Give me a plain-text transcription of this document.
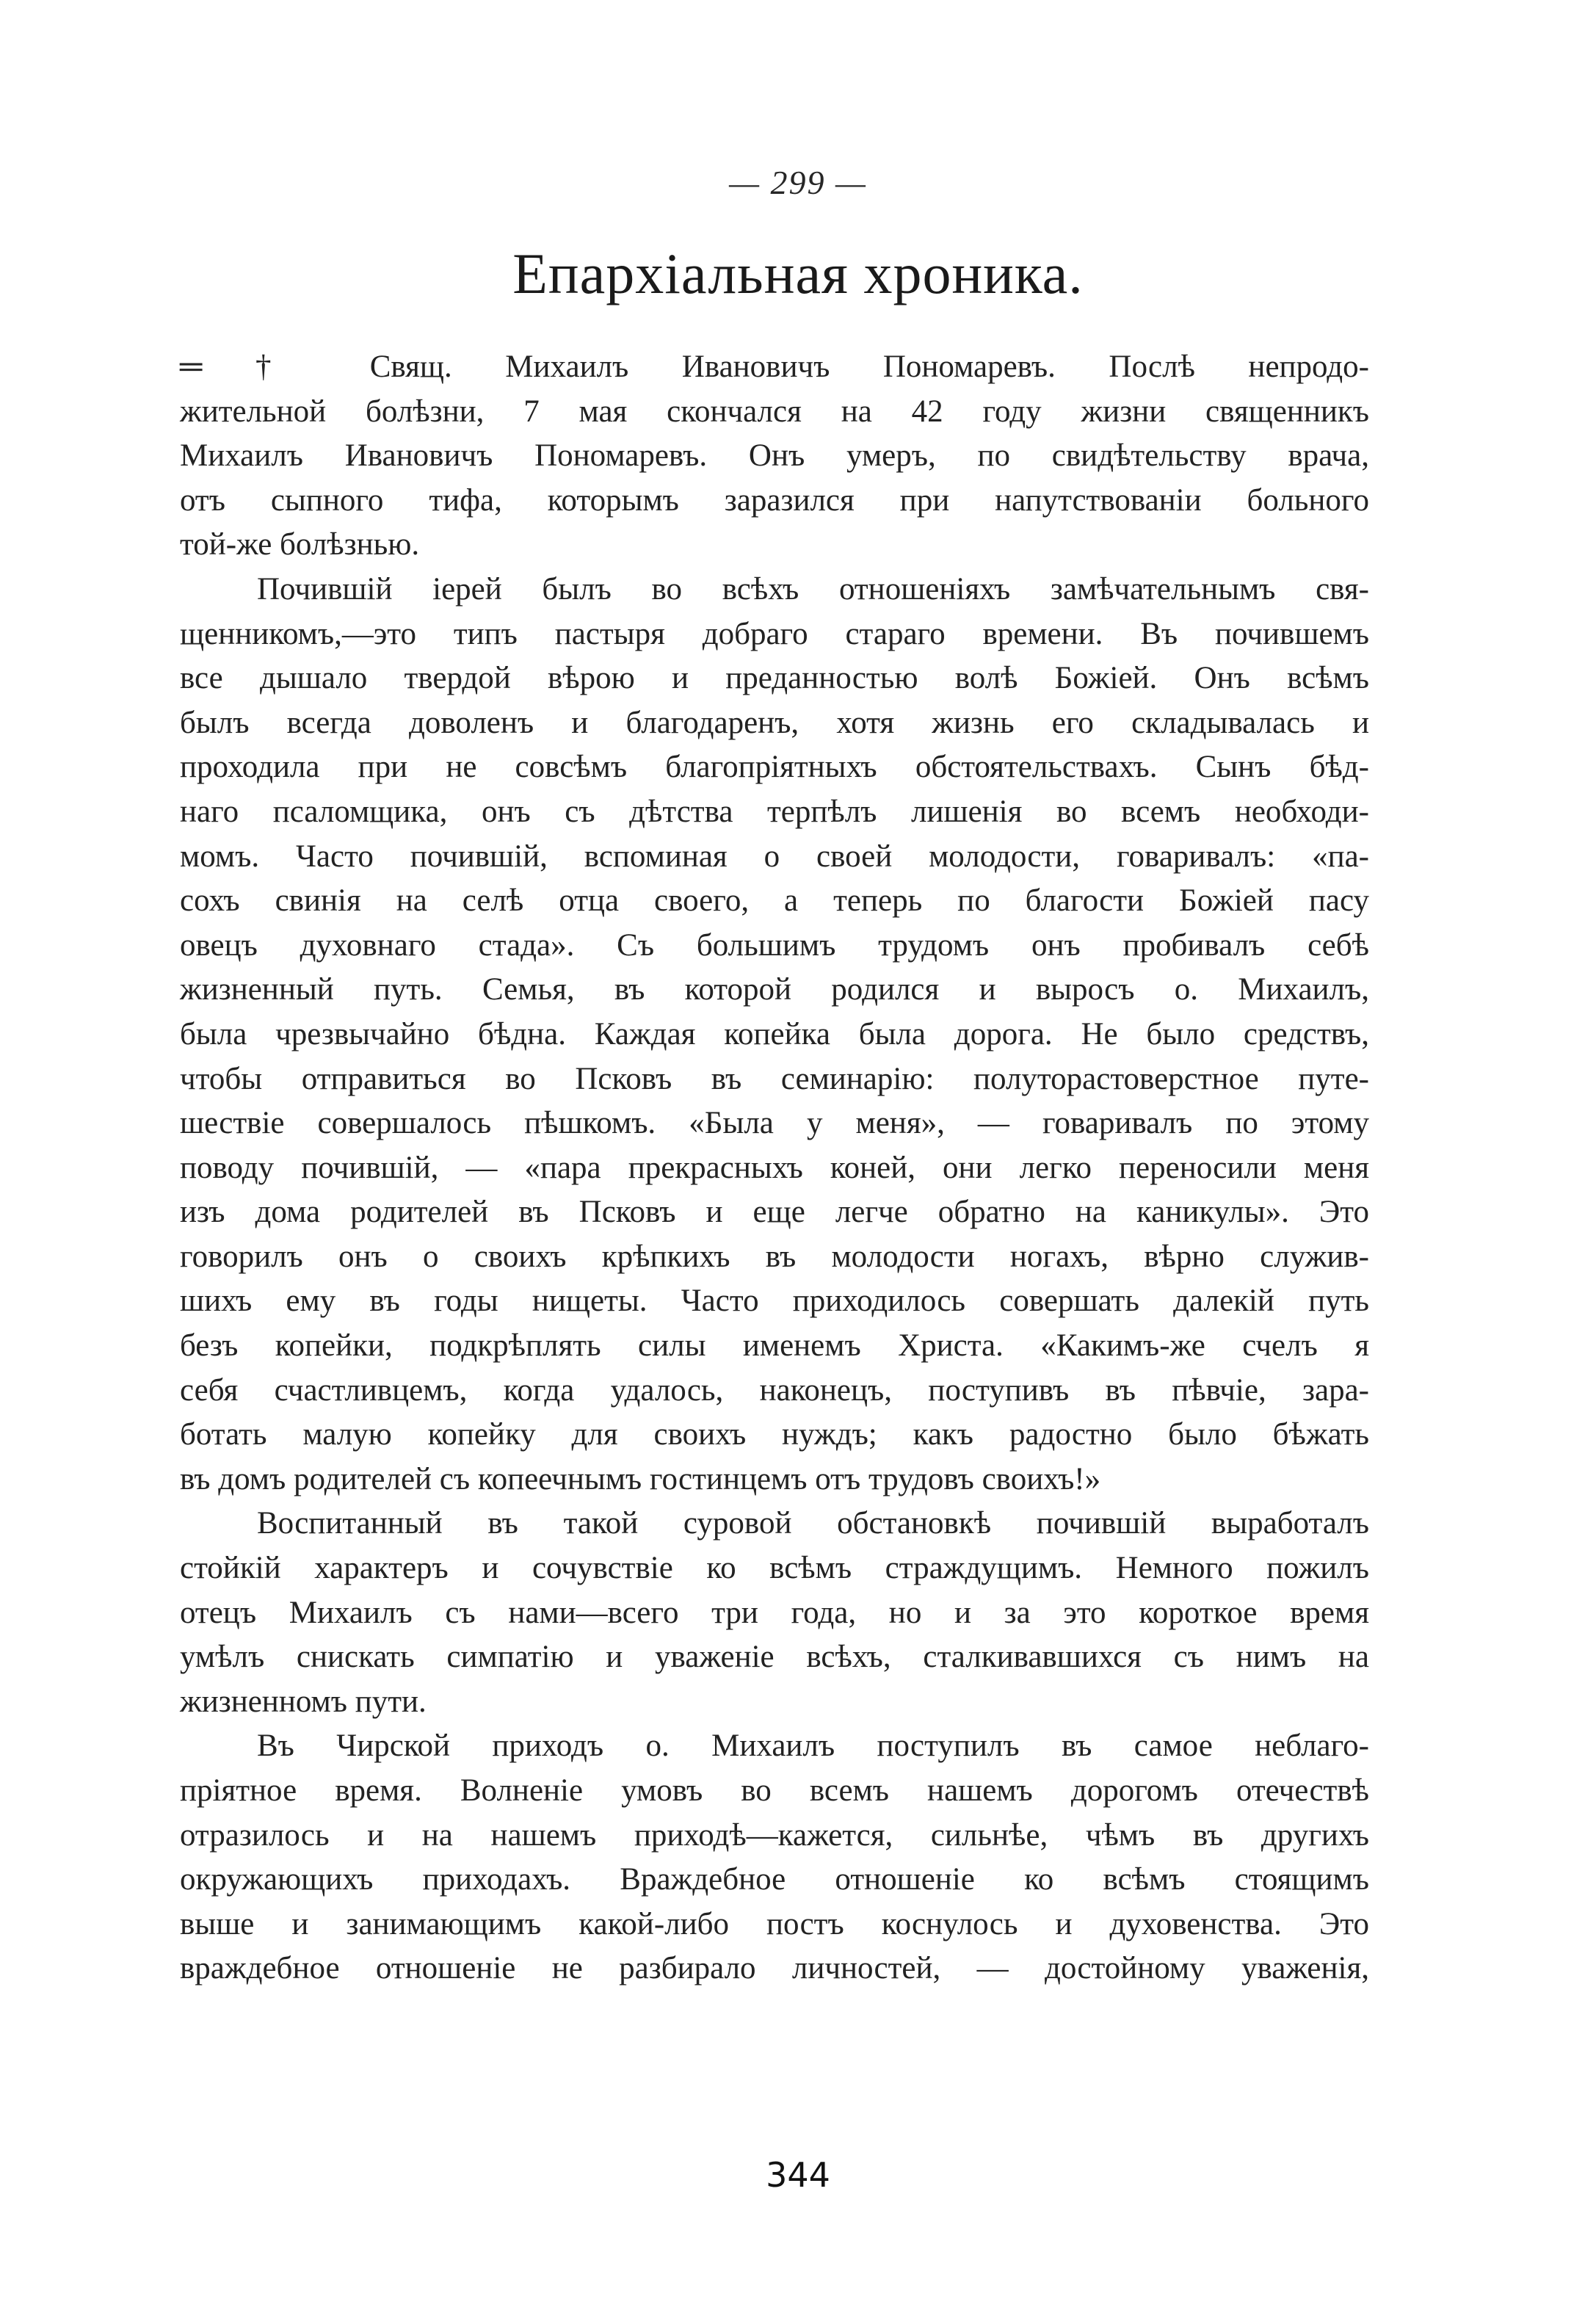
— 299 —
Епархіальная хроника.
═ † Свящ. Михаилъ Ивановичъ Пономаревъ. Послѣ непродо-
жительной болѣзни, 7 мая скончался на 42 году жизни священникъ
Михаилъ Ивановичъ Пономаревъ. Онъ умеръ, по свидѣтельству врача,
отъ сыпного тифа, которымъ заразился при напутствованіи больного
той-же болѣзнью.
Почившій іерей былъ во всѣхъ отношеніяхъ замѣчательнымъ свя-
щенникомъ,—это типъ пастыря добраго стараго времени. Въ почившемъ
все дышало твердой вѣрою и преданностью волѣ Божіей. Онъ всѣмъ
былъ всегда доволенъ и благодаренъ, хотя жизнь его складывалась и
проходила при не совсѣмъ благопріятныхъ обстоятельствахъ. Сынъ бѣд-
наго псаломщика, онъ съ дѣтства терпѣлъ лишенія во всемъ необходи-
момъ. Часто почившій, вспоминая о своей молодости, говаривалъ: «па-
сохъ свинія на селѣ отца своего, а теперь по благости Божіей пасу
овецъ духовнаго стада». Съ большимъ трудомъ онъ пробивалъ себѣ
жизненный путь. Семья, въ которой родился и выросъ о. Михаилъ,
была чрезвычайно бѣдна. Каждая копейка была дорога. Не было средствъ,
чтобы отправиться во Псковъ въ семинарію: полуторастоверстное путе-
шествіе совершалось пѣшкомъ. «Была у меня», — говаривалъ по этому
поводу почившій, — «пара прекрасныхъ коней, они легко переносили меня
изъ дома родителей въ Псковъ и еще легче обратно на каникулы». Это
говорилъ онъ о своихъ крѣпкихъ въ молодости ногахъ, вѣрно служив-
шихъ ему въ годы нищеты. Часто приходилось совершать далекій путь
безъ копейки, подкрѣплять силы именемъ Христа. «Какимъ-же счелъ я
себя счастливцемъ, когда удалось, наконецъ, поступивъ въ пѣвчіе, зара-
ботать малую копейку для своихъ нуждъ; какъ радостно было бѣжать
въ домъ родителей съ копеечнымъ гостинцемъ отъ трудовъ своихъ!»
Воспитанный въ такой суровой обстановкѣ почившій выработалъ
стойкій характеръ и сочувствіе ко всѣмъ страждущимъ. Немного пожилъ
отецъ Михаилъ съ нами—всего три года, но и за это короткое время
умѣлъ снискать симпатію и уваженіе всѣхъ, сталкивавшихся съ нимъ на
жизненномъ пути.
Въ Чирской приходъ о. Михаилъ поступилъ въ самое неблаго-
пріятное время. Волненіе умовъ во всемъ нашемъ дорогомъ отечествѣ
отразилось и на нашемъ приходѣ—кажется, сильнѣе, чѣмъ въ другихъ
окружающихъ приходахъ. Враждебное отношеніе ко всѣмъ стоящимъ
выше и занимающимъ какой-либо постъ коснулось и духовенства. Это
враждебное отношеніе не разбирало личностей, — достойному уваженія,
344
